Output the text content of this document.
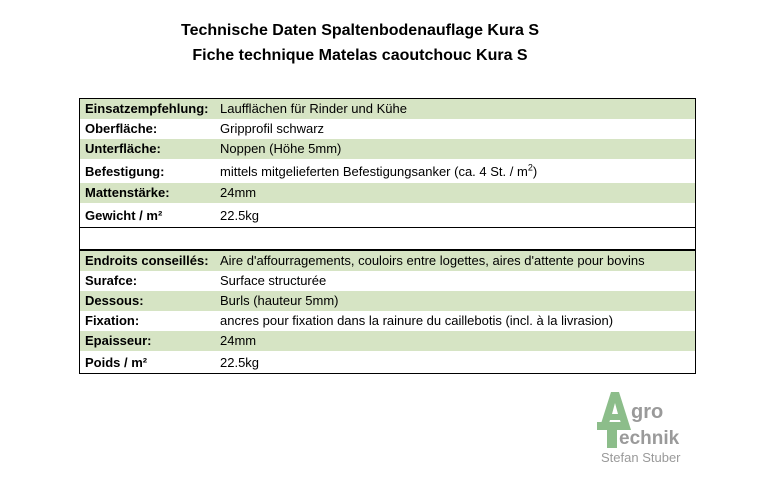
Technische Daten Spaltenbodenauflage Kura S
Fiche technique Matelas caoutchouc Kura S
Einsatzempfehlung: Laufflächen für Rinder und Kühe
Oberfläche:	Gripprofil schwarz
Unterfläche:	Noppen (Höhe 5mm)
Befestigung:	mittels mitgelieferten Befestigungsanker (ca. 4 St. / $m^2$)
Mattenstärke:	24mm
Gewicht / m²	22.5kg
Endroits conseillés: Aire d'affourragements, couloirs entre logettes, aires d'attente pour bovins
Surafce:	Surface structurée
Dessous:	Burls (hauteur 5mm)
Fixation:	ancres pour fixation dans la rainure du caillebotis (incl. à la livrasion)
Epaisseur:	24mm
Poids / m²	22.5kg
gro
echnik
Stefan Stuber
